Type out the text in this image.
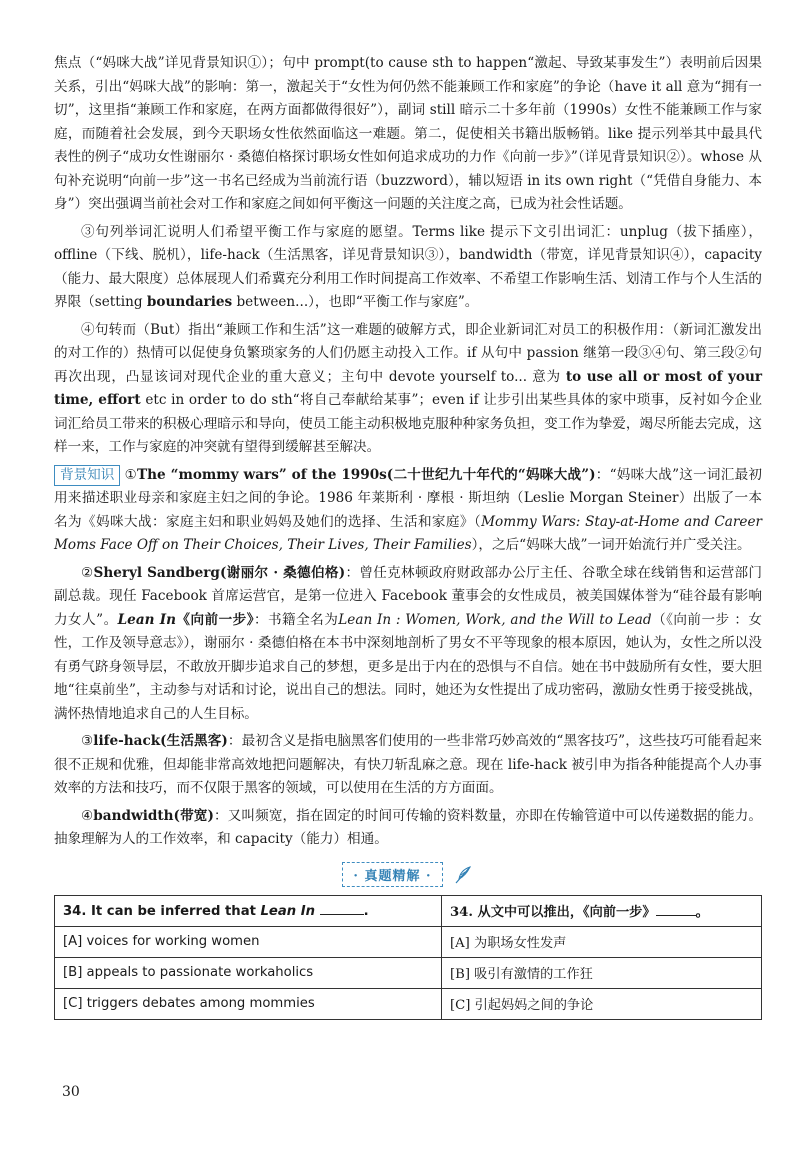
焦点（“妈咪大战”详见背景知识①）；句中 prompt(to cause sth to happen“激起、导致某事发生”）表明前后因果关系，引出“妈咪大战”的影响：第一，激起关于“女性为何仍然不能兼顾工作和家庭”的争论（have it all 意为“拥有一切”，这里指“兼顾工作和家庭，在两方面都做得很好”），副词 still 暗示二十多年前（1990s）女性不能兼顾工作与家庭，而随着社会发展，到今天职场女性依然面临这一难题。第二，促使相关书籍出版畅销。like 提示列举其中最具代表性的例子“成功女性谢丽尔 · 桑德伯格探讨职场女性如何追求成功的力作《向前一步》”（详见背景知识②）。whose 从句补充说明“向前一步”这一书名已经成为当前流行语（buzzword），辅以短语 in its own right（“凭借自身能力、本身”）突出强调当前社会对工作和家庭之间如何平衡这一问题的关注度之高，已成为社会性话题。

③句列举词汇说明人们希望平衡工作与家庭的愿望。Terms like 提示下文引出词汇：unplug（拔下插座），offline（下线、脱机），life-hack（生活黑客，详见背景知识③），bandwidth（带宽，详见背景知识④），capacity（能力、最大限度）总体展现人们希冀充分利用工作时间提高工作效率、不希望工作影响生活、划清工作与个人生活的界限（setting boundaries between...），也即“平衡工作与家庭”。

④句转而（But）指出“兼顾工作和生活”这一难题的破解方式，即企业新词汇对员工的积极作用：（新词汇激发出的对工作的）热情可以促使身负繁琐家务的人们仍愿主动投入工作。if 从句中 passion 继第一段③④句、第三段②句再次出现，凸显该词对现代企业的重大意义；主句中 devote yourself to... 意为 to use all or most of your time, effort etc in order to do sth“将自己奉献给某事”；even if 让步引出某些具体的家中琐事，反衬如今企业词汇给员工带来的积极心理暗示和导向，使员工能主动积极地克服种种家务负担，变工作为挚爱，竭尽所能去完成，这样一来，工作与家庭的冲突就有望得到缓解甚至解决。

背景知识 ①The “mommy wars” of the 1990s(二十世纪九十年代的“妈咪大战”)：“妈咪大战”这一词汇最初用来描述职业母亲和家庭主妇之间的争论。1986 年莱斯利 · 摩根 · 斯坦纳（Leslie Morgan Steiner）出版了一本名为《妈咪大战：家庭主妇和职业妈妈及她们的选择、生活和家庭》（Mommy Wars: Stay-at-Home and Career Moms Face Off on Their Choices, Their Lives, Their Families），之后“妈咪大战”一词开始流行并广受关注。

②Sheryl Sandberg(谢丽尔 · 桑德伯格)：曾任克林顿政府财政部办公厅主任、谷歌全球在线销售和运营部门副总裁。现任 Facebook 首席运营官，是第一位进入 Facebook 董事会的女性成员，被美国媒体誉为“硅谷最有影响力女人”。Lean In《向前一步》：书籍全名为Lean In : Women, Work, and the Will to Lead（《向前一步 ：女性，工作及领导意志》），谢丽尔 · 桑德伯格在本书中深刻地剖析了男女不平等现象的根本原因，她认为，女性之所以没有勇气跻身领导层，不敢放开脚步追求自己的梦想，更多是出于内在的恐惧与不自信。她在书中鼓励所有女性，要大胆地“往桌前坐”，主动参与对话和讨论，说出自己的想法。同时，她还为女性提出了成功密码，激励女性勇于接受挑战，满怀热情地追求自己的人生目标。

③life-hack(生活黑客)：最初含义是指电脑黑客们使用的一些非常巧妙高效的“黑客技巧”，这些技巧可能看起来很不正规和优雅，但却能非常高效地把问题解决，有快刀斩乱麻之意。现在 life-hack 被引申为指各种能提高个人办事效率的方法和技巧，而不仅限于黑客的领域，可以使用在生活的方方面面。

④bandwidth(带宽)：又叫频宽，指在固定的时间可传输的资料数量，亦即在传输管道中可以传递数据的能力。抽象理解为人的工作效率，和 capacity（能力）相通。

· 真题精解 ·
34. It can be inferred that Lean In .	34. 从文中可以推出，《向前一步》 。
[A] voices for working women	[A] 为职场女性发声
[B] appeals to passionate workaholics	[B] 吸引有激情的工作狂
[C] triggers debates among mommies	[C] 引起妈妈之间的争论
30
